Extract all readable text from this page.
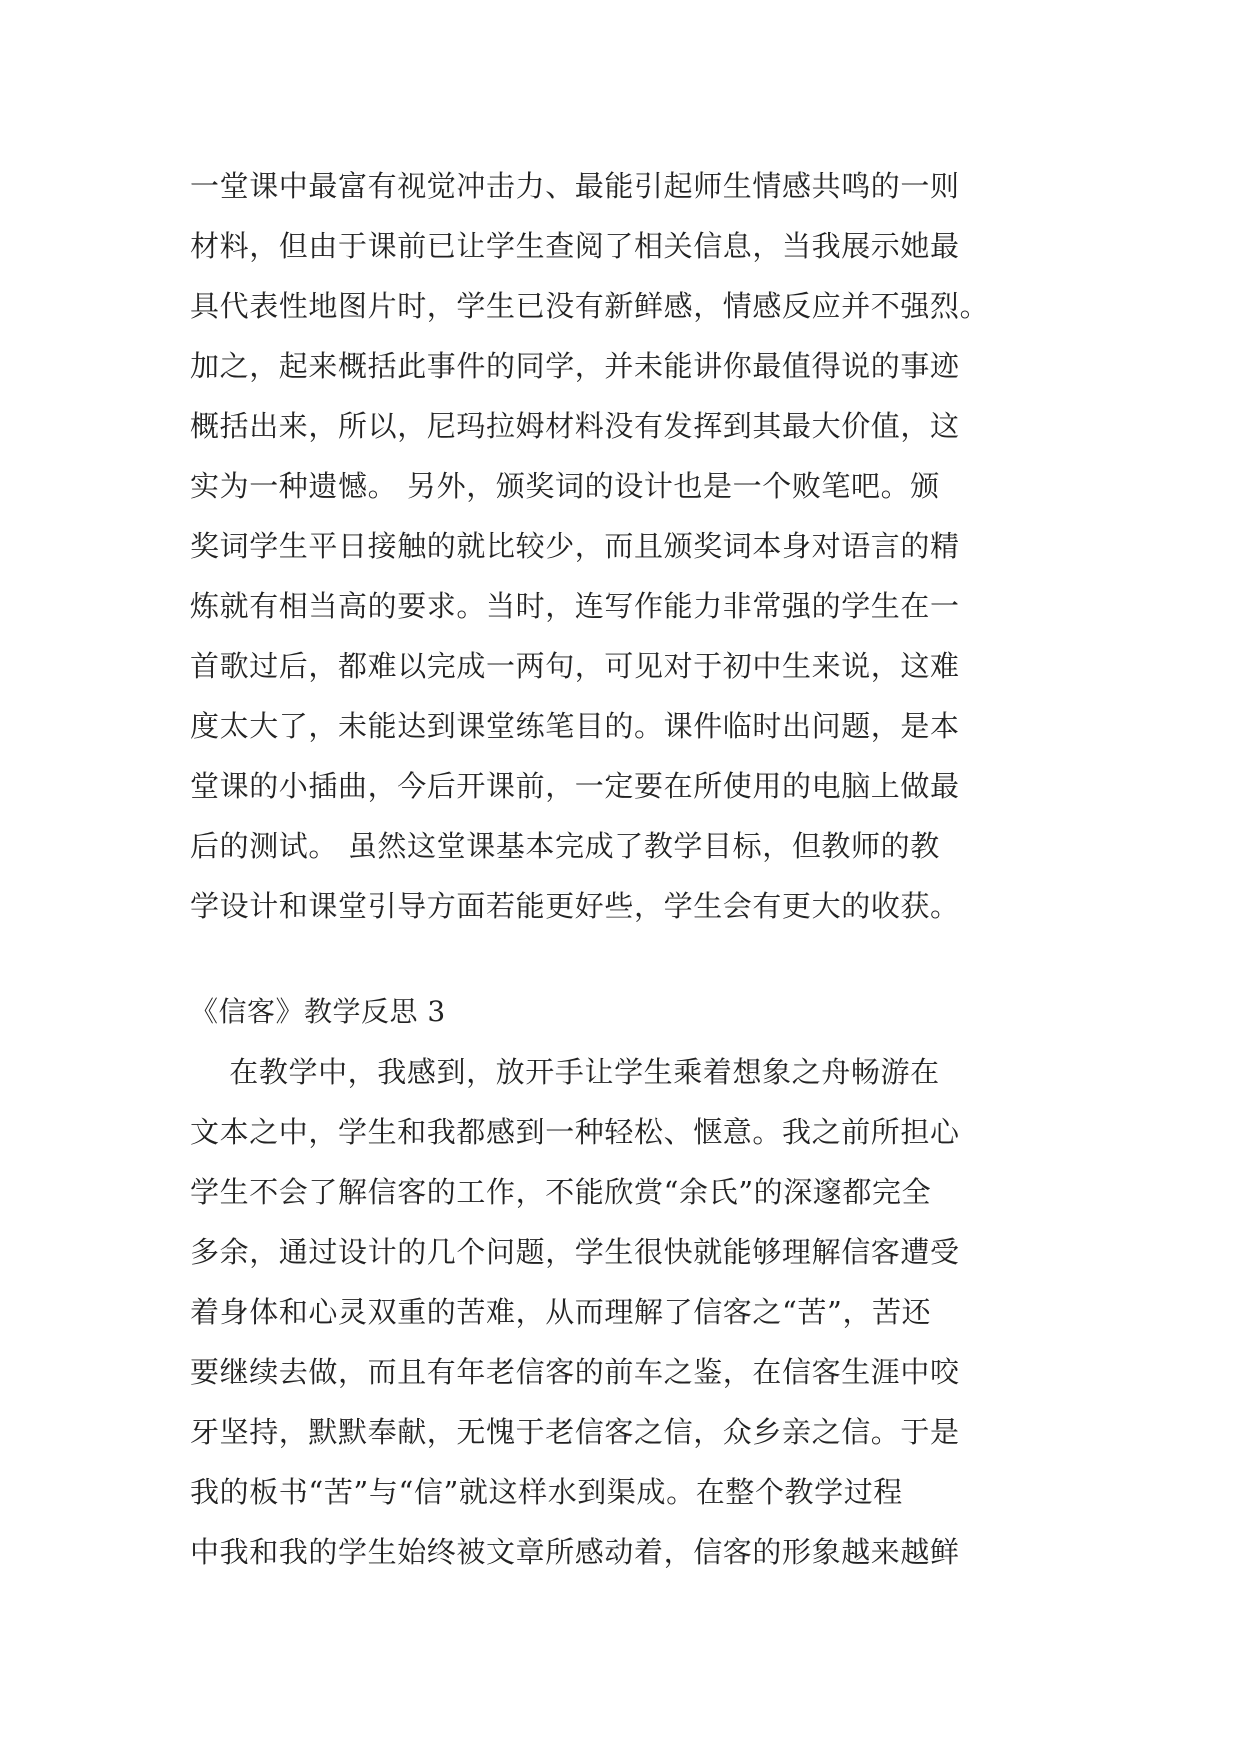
一堂课中最富有视觉冲击力、最能引起师生情感共鸣的一则
材料，但由于课前已让学生查阅了相关信息，当我展示她最
具代表性地图片时，学生已没有新鲜感，情感反应并不强烈。
加之，起来概括此事件的同学，并未能讲你最值得说的事迹
概括出来，所以，尼玛拉姆材料没有发挥到其最大价值，这
实为一种遗憾。 另外，颁奖词的设计也是一个败笔吧。颁
奖词学生平日接触的就比较少，而且颁奖词本身对语言的精
炼就有相当高的要求。当时，连写作能力非常强的学生在一
首歌过后，都难以完成一两句，可见对于初中生来说，这难
度太大了，未能达到课堂练笔目的。课件临时出问题，是本
堂课的小插曲，今后开课前，一定要在所使用的电脑上做最
后的测试。 虽然这堂课基本完成了教学目标，但教师的教
学设计和课堂引导方面若能更好些，学生会有更大的收获。
《信客》教学反思 3
在教学中，我感到，放开手让学生乘着想象之舟畅游在
文本之中，学生和我都感到一种轻松、惬意。我之前所担心
学生不会了解信客的工作，不能欣赏“余氏”的深邃都完全
多余，通过设计的几个问题，学生很快就能够理解信客遭受
着身体和心灵双重的苦难，从而理解了信客之“苦”，苦还
要继续去做，而且有年老信客的前车之鉴，在信客生涯中咬
牙坚持，默默奉献，无愧于老信客之信，众乡亲之信。于是
我的板书“苦”与“信”就这样水到渠成。在整个教学过程
中我和我的学生始终被文章所感动着，信客的形象越来越鲜
